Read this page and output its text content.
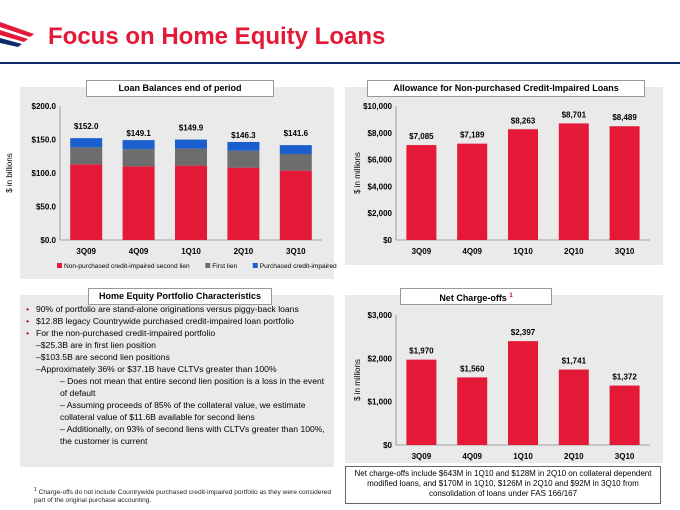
Focus on Home Equity Loans
Loan Balances end of period	Allowance for Non-purchased Credit-Impaired Loans
Home Equity Portfolio Characteristics	Net Charge-offs $^1$
$200.0
$150.0
$100.0
$50.0
$0.0
$ in billions
3Q09
$152.0
4Q09
$149.1
1Q10
$149.9
2Q10
$146.3
3Q10
$141.6
Non-purchased credit-impaired second lien	First lien	Purchased credit-impaired
$10,000
$8,000
$6,000
$4,000
$2,000
$0
$ in millions
3Q09
$7,085
4Q09
$7,189
1Q10
$8,263
2Q10
$8,701
3Q10
$8,489
$3,000
$2,000
$1,000
$0
$ in millions
3Q09
$1,970
4Q09
$1,560
1Q10
$2,397
2Q10
$1,741
3Q10
$1,372
• 90% of portfolio are stand-alone originations versus piggy-back loans
• $12.8B legacy Countrywide purchased credit-impaired loan portfolio
• For the non-purchased credit-impaired portfolio
–$25.3B are in first lien position
–$103.5B are second lien positions
–Approximately 36% or $37.1B have CLTVs greater than 100%
– Does not mean that entire second lien position is a loss in the event of default
– Assuming proceeds of 85% of the collateral value, we estimate collateral value of $11.6B available for second liens
– Additionally, on 93% of second liens with CLTVs greater than 100%, the customer is current
$^1$ Charge-offs do not include Countrywide purchased credit-impaired portfolio as they were considered part of the original purchase accounting.
Net charge-offs include $643M in 1Q10 and $128M in 2Q10 on collateral dependent modified loans, and $170M in 1Q10, $126M in 2Q10 and $92M in 3Q10 from consolidation of loans under FAS 166/167
